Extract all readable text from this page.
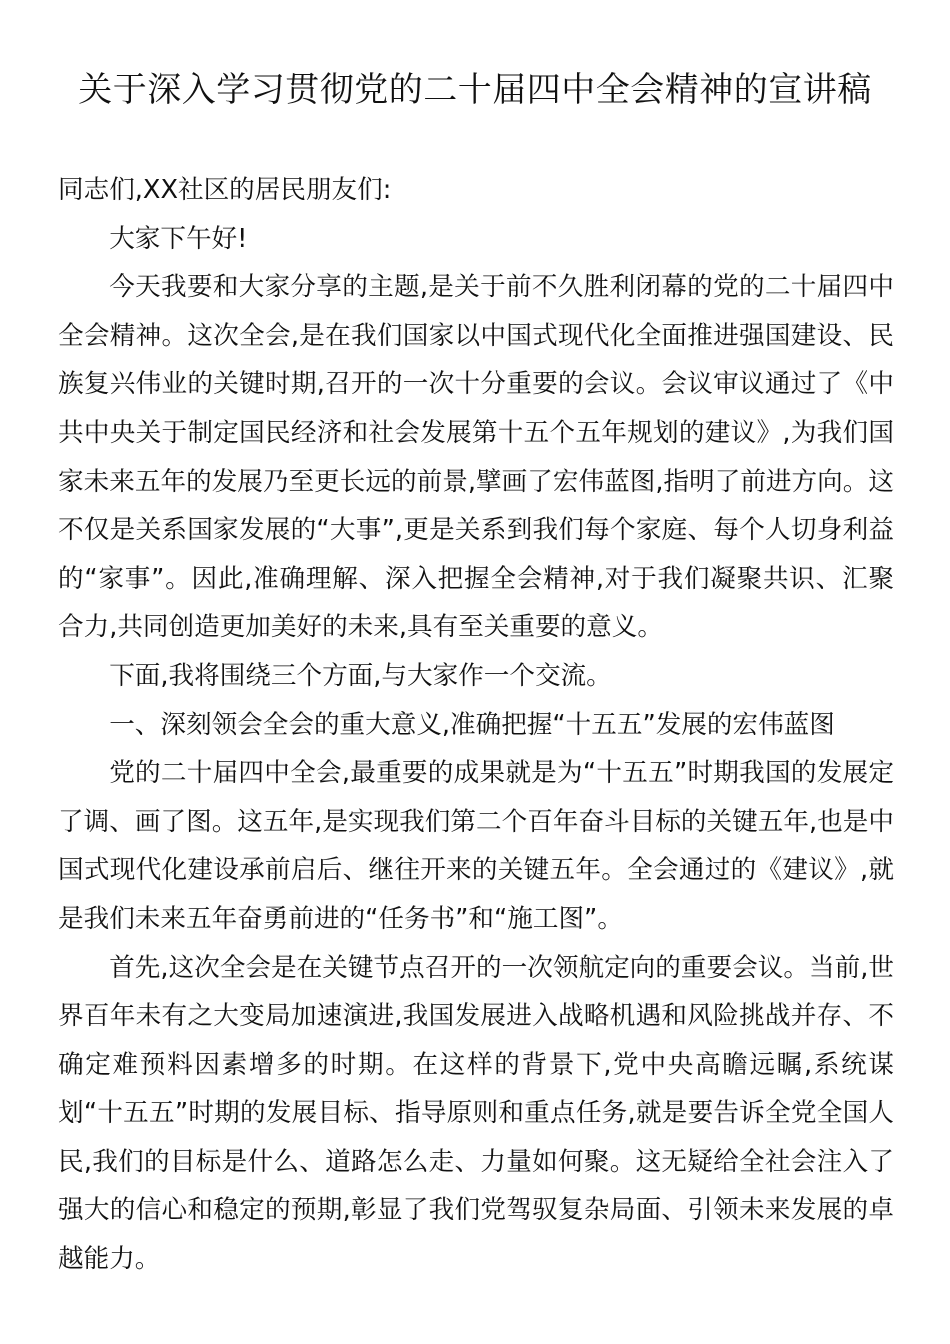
关于深入学习贯彻党的二十届四中全会精神的宣讲稿

同志们,XX社区的居民朋友们:

大家下午好!

今天我要和大家分享的主题,是关于前不久胜利闭幕的党的二十届四中全会精神。这次全会,是在我们国家以中国式现代化全面推进强国建设、民族复兴伟业的关键时期,召开的一次十分重要的会议。会议审议通过了《中共中央关于制定国民经济和社会发展第十五个五年规划的建议》,为我们国家未来五年的发展乃至更长远的前景,擘画了宏伟蓝图,指明了前进方向。这不仅是关系国家发展的“大事”,更是关系到我们每个家庭、每个人切身利益的“家事”。因此,准确理解、深入把握全会精神,对于我们凝聚共识、汇聚合力,共同创造更加美好的未来,具有至关重要的意义。

下面,我将围绕三个方面,与大家作一个交流。

一、深刻领会全会的重大意义,准确把握“十五五”发展的宏伟蓝图

党的二十届四中全会,最重要的成果就是为“十五五”时期我国的发展定了调、画了图。这五年,是实现我们第二个百年奋斗目标的关键五年,也是中国式现代化建设承前启后、继往开来的关键五年。全会通过的《建议》,就是我们未来五年奋勇前进的“任务书”和“施工图”。

首先,这次全会是在关键节点召开的一次领航定向的重要会议。当前,世界百年未有之大变局加速演进,我国发展进入战略机遇和风险挑战并存、不确定难预料因素增多的时期。在这样的背景下,党中央高瞻远瞩,系统谋划“十五五”时期的发展目标、指导原则和重点任务,就是要告诉全党全国人民,我们的目标是什么、道路怎么走、力量如何聚。这无疑给全社会注入了强大的信心和稳定的预期,彰显了我们党驾驭复杂局面、引领未来发展的卓越能力。
